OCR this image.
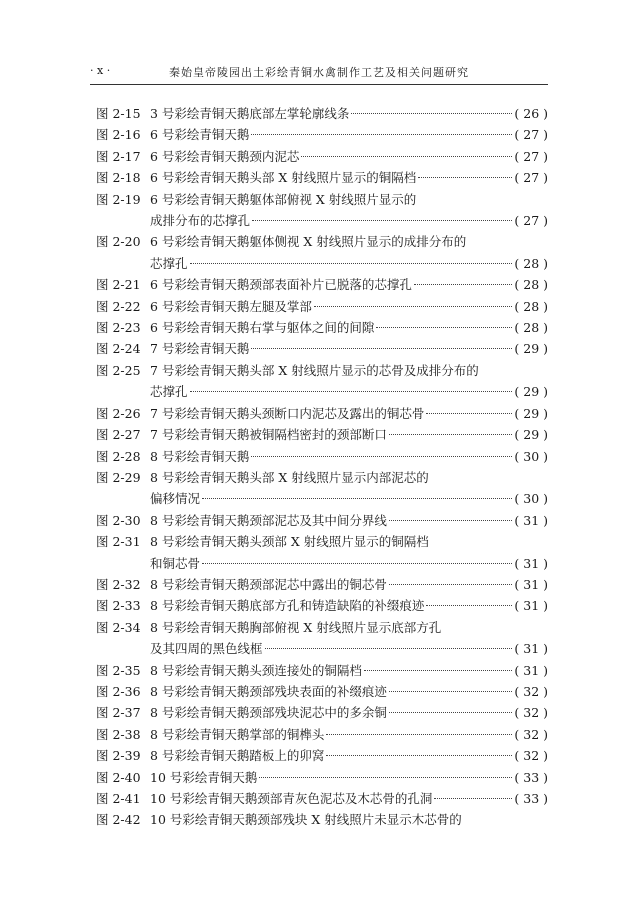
· x ·	秦始皇帝陵园出土彩绘青铜水禽制作工艺及相关问题研究
图 2-15 3 号彩绘青铜天鹅底部左掌轮廓线条	( 26 )
图 2-16 6 号彩绘青铜天鹅	( 27 )
图 2-17 6 号彩绘青铜天鹅颈内泥芯	( 27 )
图 2-18 6 号彩绘青铜天鹅头部 X 射线照片显示的铜隔档	( 27 )
图 2-19 6 号彩绘青铜天鹅躯体部俯视 X 射线照片显示的
成排分布的芯撑孔	( 27 )
图 2-20 6 号彩绘青铜天鹅躯体侧视 X 射线照片显示的成排分布的
芯撑孔	( 28 )
图 2-21 6 号彩绘青铜天鹅颈部表面补片已脱落的芯撑孔	( 28 )
图 2-22 6 号彩绘青铜天鹅左腿及掌部	( 28 )
图 2-23 6 号彩绘青铜天鹅右掌与躯体之间的间隙	( 28 )
图 2-24 7 号彩绘青铜天鹅	( 29 )
图 2-25 7 号彩绘青铜天鹅头部 X 射线照片显示的芯骨及成排分布的
芯撑孔	( 29 )
图 2-26 7 号彩绘青铜天鹅头颈断口内泥芯及露出的铜芯骨	( 29 )
图 2-27 7 号彩绘青铜天鹅被铜隔档密封的颈部断口	( 29 )
图 2-28 8 号彩绘青铜天鹅	( 30 )
图 2-29 8 号彩绘青铜天鹅头部 X 射线照片显示内部泥芯的
偏移情况	( 30 )
图 2-30 8 号彩绘青铜天鹅颈部泥芯及其中间分界线	( 31 )
图 2-31 8 号彩绘青铜天鹅头颈部 X 射线照片显示的铜隔档
和铜芯骨	( 31 )
图 2-32 8 号彩绘青铜天鹅颈部泥芯中露出的铜芯骨	( 31 )
图 2-33 8 号彩绘青铜天鹅底部方孔和铸造缺陷的补缀痕迹	( 31 )
图 2-34 8 号彩绘青铜天鹅胸部俯视 X 射线照片显示底部方孔
及其四周的黑色线框	( 31 )
图 2-35 8 号彩绘青铜天鹅头颈连接处的铜隔档	( 31 )
图 2-36 8 号彩绘青铜天鹅颈部残块表面的补缀痕迹	( 32 )
图 2-37 8 号彩绘青铜天鹅颈部残块泥芯中的多余铜	( 32 )
图 2-38 8 号彩绘青铜天鹅掌部的铜榫头	( 32 )
图 2-39 8 号彩绘青铜天鹅踏板上的卯窝	( 32 )
图 2-40 10 号彩绘青铜天鹅	( 33 )
图 2-41 10 号彩绘青铜天鹅颈部青灰色泥芯及木芯骨的孔洞	( 33 )
图 2-42 10 号彩绘青铜天鹅颈部残块 X 射线照片未显示木芯骨的
